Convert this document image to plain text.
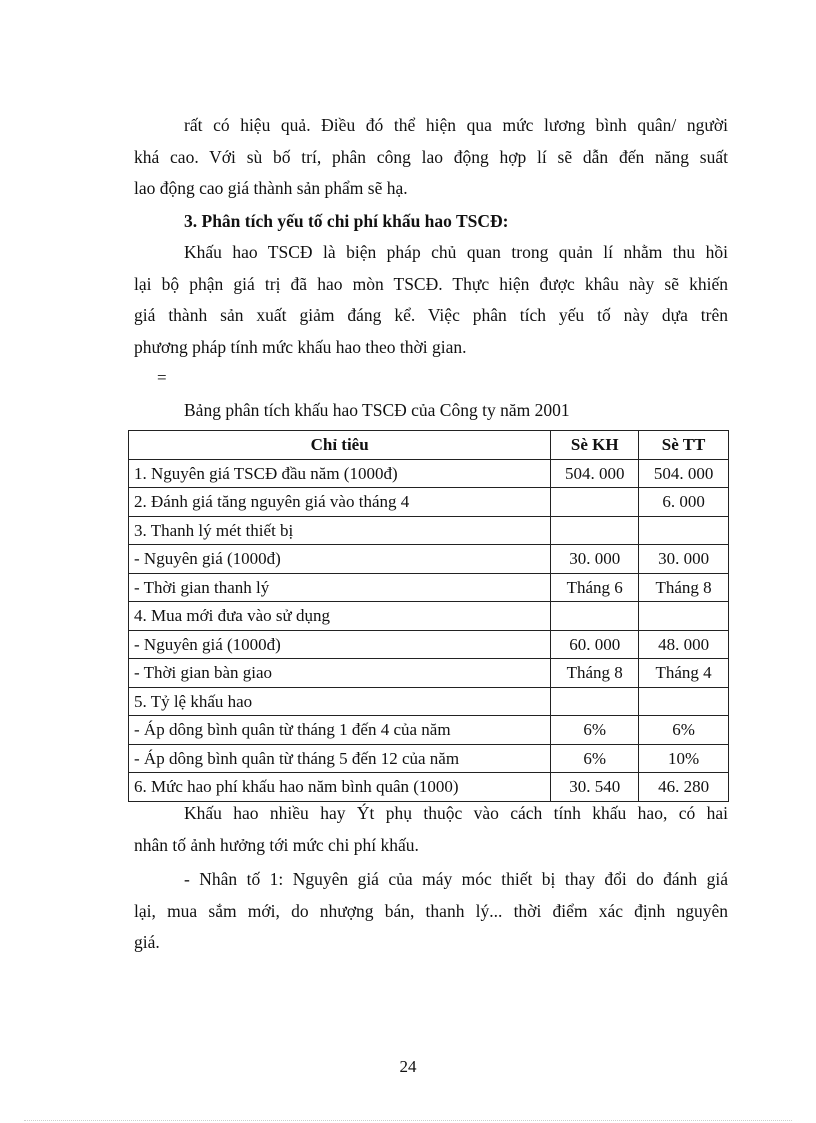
rất có hiệu quả. Điều đó thể hiện qua mức lương bình quân/ người
khá cao. Với sù bố trí, phân công lao động hợp lí sẽ dẫn đến năng suất
lao động cao giá thành sản phẩm sẽ hạ.

3. Phân tích yếu tố chi phí khấu hao TSCĐ:

Khấu hao TSCĐ là biện pháp chủ quan trong quản lí nhằm thu hồi
lại bộ phận giá trị đã hao mòn TSCĐ. Thực hiện được khâu này sẽ khiến
giá thành sản xuất giảm đáng kể. Việc phân tích yếu tố này dựa trên
phương pháp tính mức khấu hao theo thời gian.

=
Bảng phân tích khấu hao TSCĐ của Công ty năm 2001
Chỉ tiêu	Sè KH	Sè TT
1. Nguyên giá TSCĐ đầu năm (1000đ)	504. 000	504. 000
2. Đánh giá tăng nguyên giá vào tháng 4		6. 000
3. Thanh lý mét thiết bị		
- Nguyên giá (1000đ)	30. 000	30. 000
- Thời gian thanh lý	Tháng 6	Tháng 8
4. Mua mới đưa vào sử dụng		
- Nguyên giá (1000đ)	60. 000	48. 000
- Thời gian bàn giao	Tháng 8	Tháng 4
5. Tỷ lệ khấu hao		
- Áp dông bình quân từ tháng 1 đến 4 của năm	6%	6%
- Áp dông bình quân từ tháng 5 đến 12 của năm	6%	10%
6. Mức hao phí khấu hao năm bình quân (1000)	30. 540	46. 280

Khấu hao nhiều hay Ýt phụ thuộc vào cách tính khấu hao, có hai
nhân tố ảnh hưởng tới mức chi phí khấu.

- Nhân tố 1: Nguyên giá của máy móc thiết bị thay đổi do đánh giá
lại, mua sắm mới, do nhượng bán, thanh lý... thời điểm xác định nguyên
giá.

24
